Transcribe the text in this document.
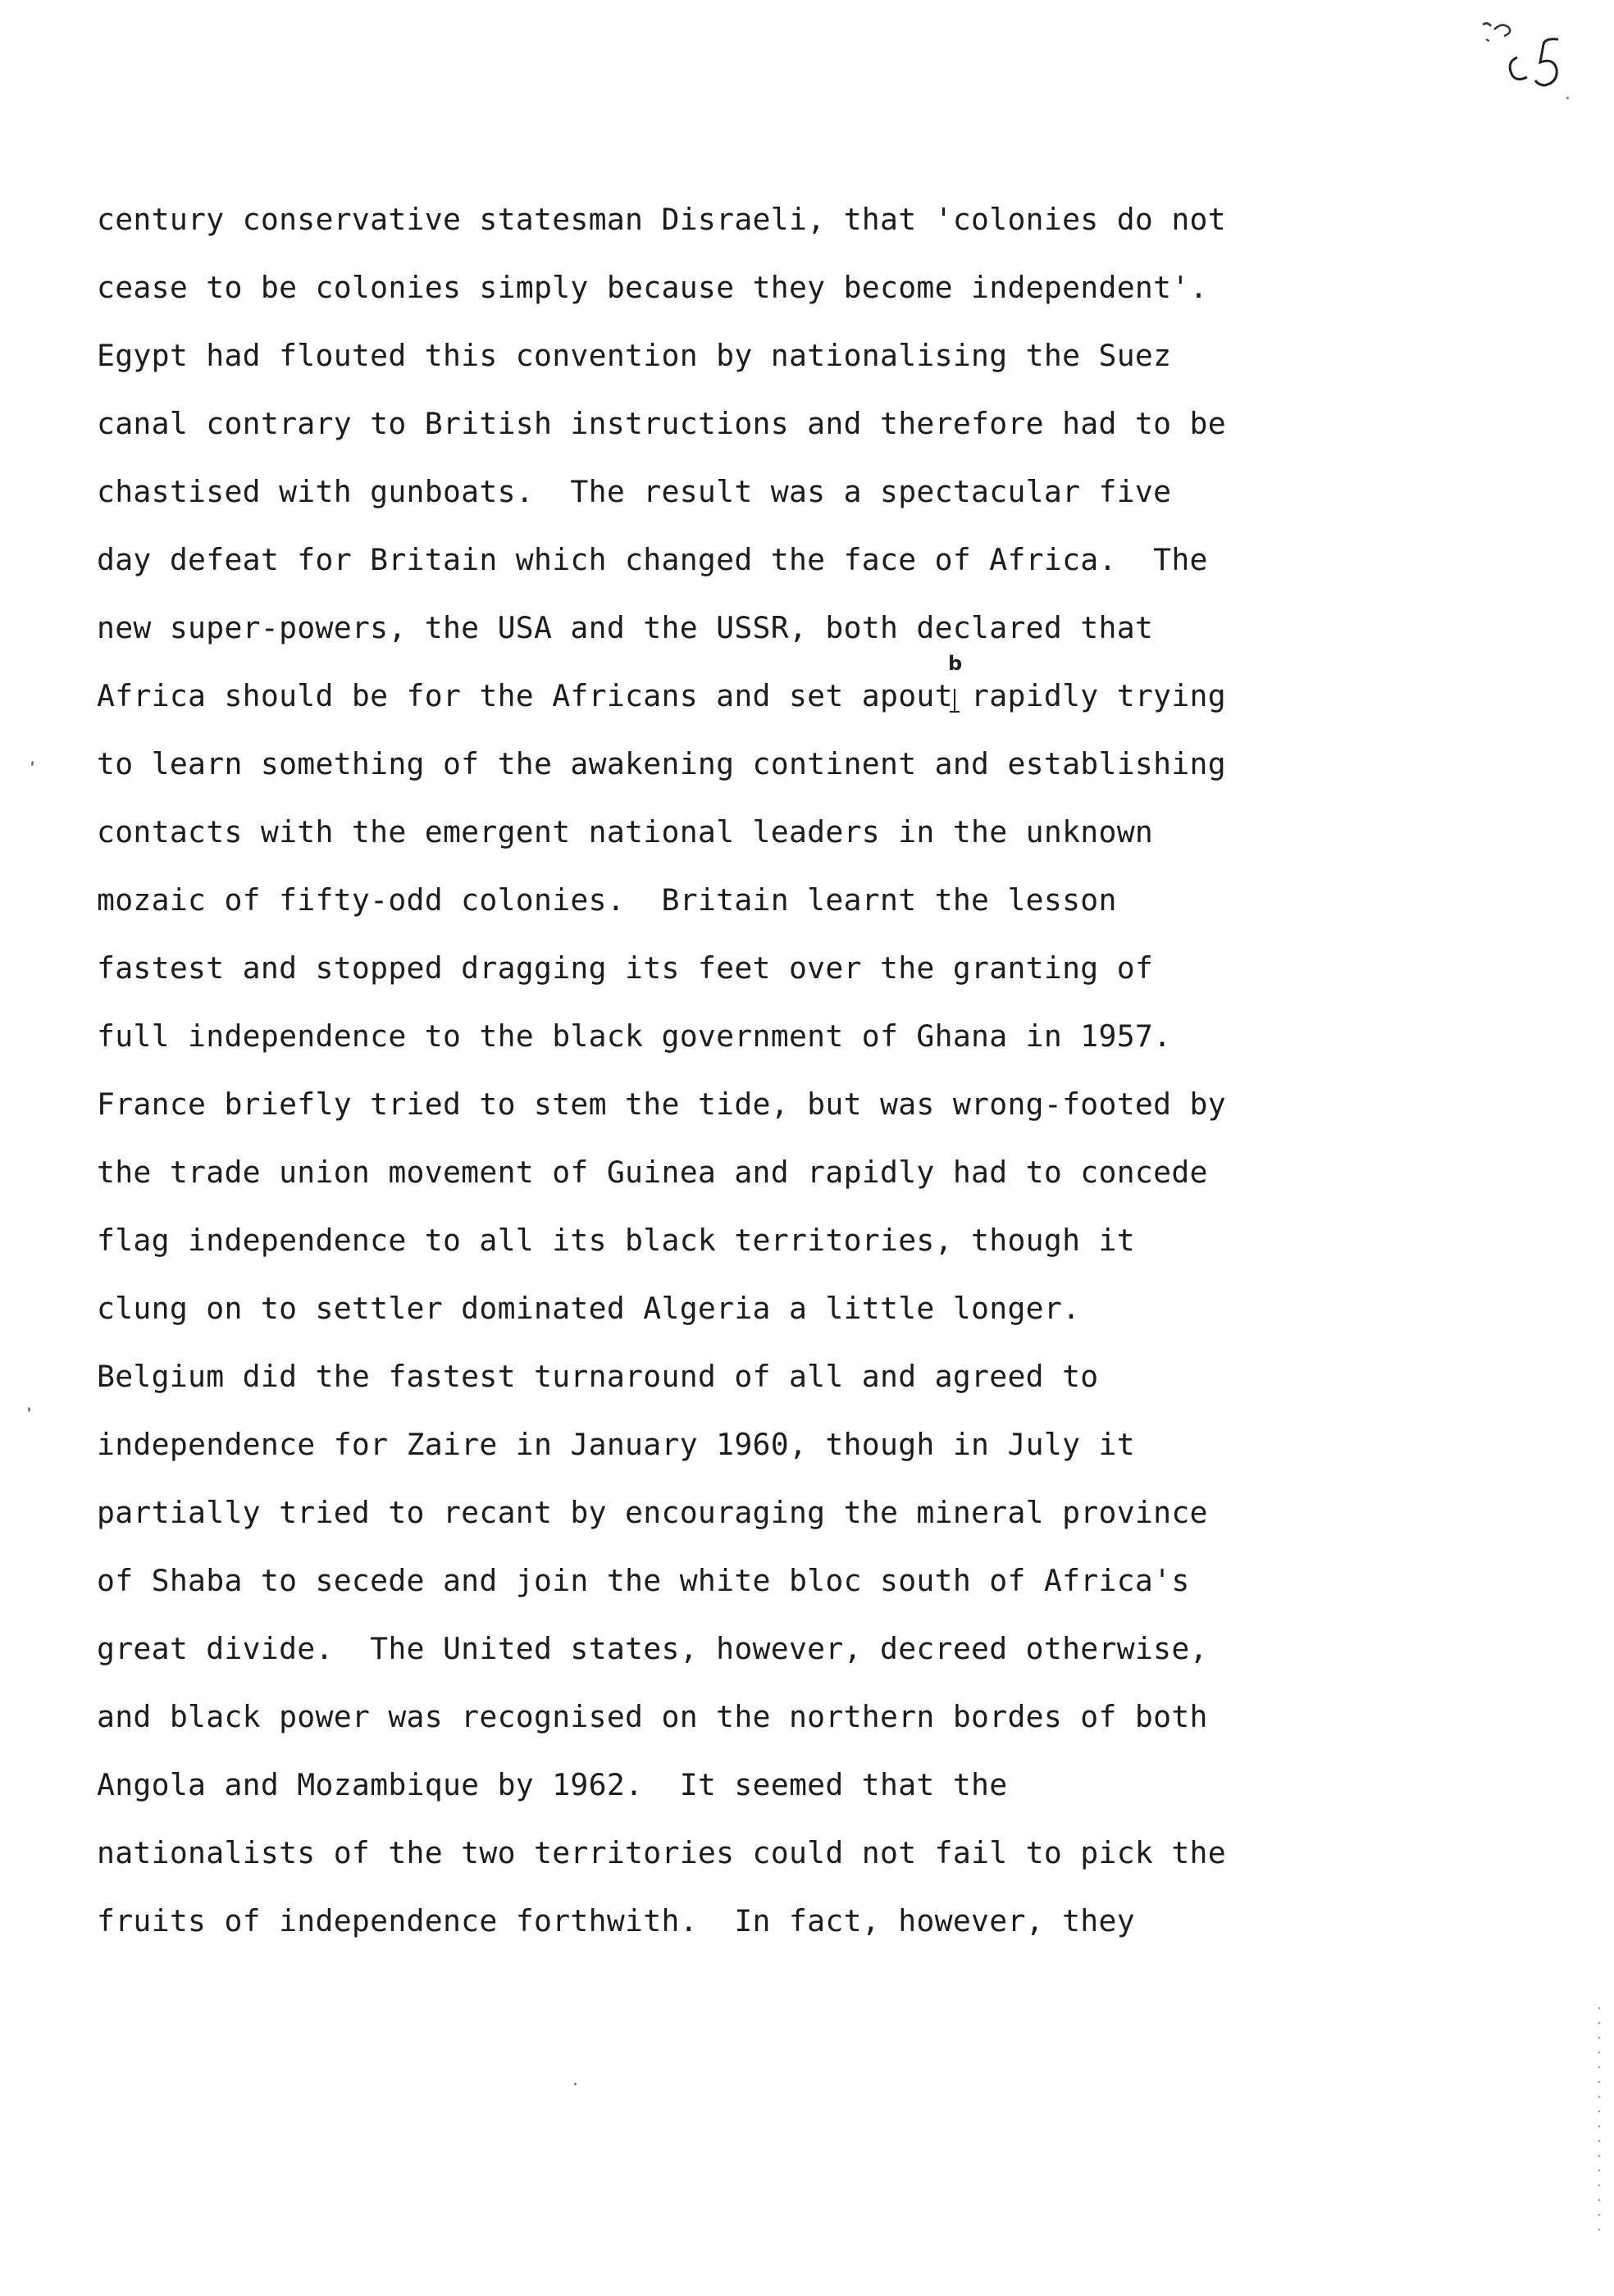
century conservative statesman Disraeli, that 'colonies do not
cease to be colonies simply because they become independent'.
Egypt had flouted this convention by nationalising the Suez
canal contrary to British instructions and therefore had to be
chastised with gunboats.  The result was a spectacular five
day defeat for Britain which changed the face of Africa.  The
new super-powers, the USA and the USSR, both declared that
Africa should be for the Africans and set apout rapidly trying
to learn something of the awakening continent and establishing
contacts with the emergent national leaders in the unknown
mozaic of fifty-odd colonies.  Britain learnt the lesson
fastest and stopped dragging its feet over the granting of
full independence to the black government of Ghana in 1957.
France briefly tried to stem the tide, but was wrong-footed by
the trade union movement of Guinea and rapidly had to concede
flag independence to all its black territories, though it
clung on to settler dominated Algeria a little longer.
Belgium did the fastest turnaround of all and agreed to
independence for Zaire in January 1960, though in July it
partially tried to recant by encouraging the mineral province
of Shaba to secede and join the white bloc south of Africa's
great divide.  The United states, however, decreed otherwise,
and black power was recognised on the northern bordes of both
Angola and Mozambique by 1962.  It seemed that the
nationalists of the two territories could not fail to pick the
fruits of independence forthwith.  In fact, however, they
b
